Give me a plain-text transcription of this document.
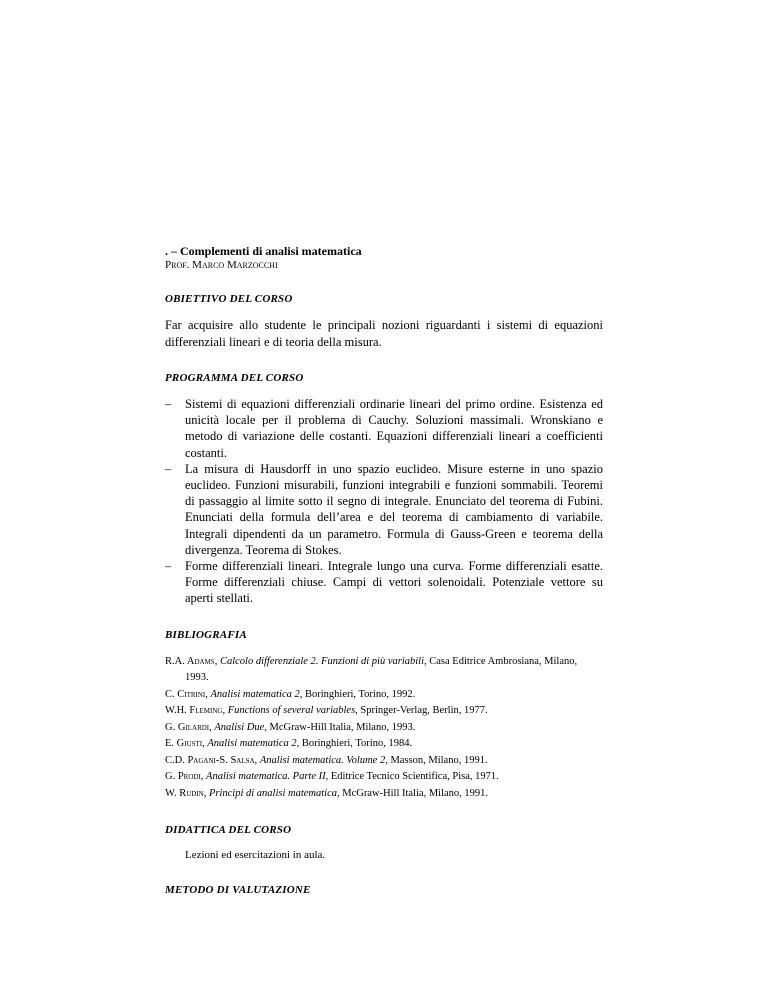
. – Complementi di analisi matematica

Prof. Marco Marzocchi

OBIETTIVO DEL CORSO

Far acquisire allo studente le principali nozioni riguardanti i sistemi di equazioni differenziali lineari e di teoria della misura.

PROGRAMMA DEL CORSO

– Sistemi di equazioni differenziali ordinarie lineari del primo ordine. Esistenza ed unicità locale per il problema di Cauchy. Soluzioni massimali. Wronskiano e metodo di variazione delle costanti. Equazioni differenziali lineari a coefficienti costanti.
– La misura di Hausdorff in uno spazio euclideo. Misure esterne in uno spazio euclideo. Funzioni misurabili, funzioni integrabili e funzioni sommabili. Teoremi di passaggio al limite sotto il segno di integrale. Enunciato del teorema di Fubini. Enunciati della formula dell’area e del teorema di cambiamento di variabile. Integrali dipendenti da un parametro. Formula di Gauss-Green e teorema della divergenza. Teorema di Stokes.
– Forme differenziali lineari. Integrale lungo una curva. Forme differenziali esatte. Forme differenziali chiuse. Campi di vettori solenoidali. Potenziale vettore su aperti stellati.

BIBLIOGRAFIA

R.A. Adams, Calcolo differenziale 2. Funzioni di più variabili, Casa Editrice Ambrosiana, Milano, 1993.
C. Citrini, Analisi matematica 2, Boringhieri, Torino, 1992.
W.H. Fleming, Functions of several variables, Springer-Verlag, Berlin, 1977.
G. Gilardi, Analisi Due, McGraw-Hill Italia, Milano, 1993.
E. Giusti, Analisi matematica 2, Boringhieri, Torino, 1984.
C.D. Pagani-S. Salsa, Analisi matematica. Volume 2, Masson, Milano, 1991.
G. Prodi, Analisi matematica. Parte II, Editrice Tecnico Scientifica, Pisa, 1971.
W. Rudin, Principi di analisi matematica, McGraw-Hill Italia, Milano, 1991.

DIDATTICA DEL CORSO

Lezioni ed esercitazioni in aula.

METODO DI VALUTAZIONE
